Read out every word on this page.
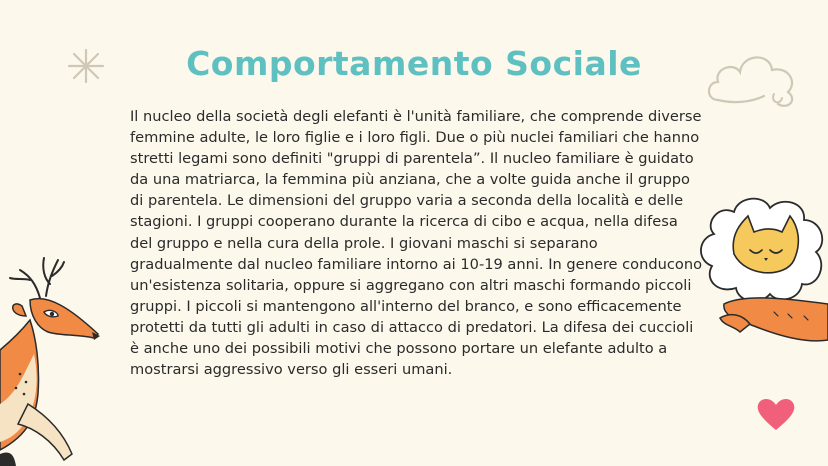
Comportamento Sociale

Il nucleo della società degli elefanti è l'unità familiare, che comprende diverse femmine adulte, le loro figlie e i loro figli. Due o più nuclei familiari che hanno stretti legami sono definiti "gruppi di parentela”. Il nucleo familiare è guidato da una matriarca, la femmina più anziana, che a volte guida anche il gruppo di parentela. Le dimensioni del gruppo varia a seconda della località e delle stagioni. I gruppi cooperano durante la ricerca di cibo e acqua, nella difesa del gruppo e nella cura della prole. I giovani maschi si separano gradualmente dal nucleo familiare intorno ai 10-19 anni. In genere conducono un'esistenza solitaria, oppure si aggregano con altri maschi formando piccoli gruppi. I piccoli si mantengono all'interno del branco, e sono efficacemente protetti da tutti gli adulti in caso di attacco di predatori. La difesa dei cuccioli è anche uno dei possibili motivi che possono portare un elefante adulto a mostrarsi aggressivo verso gli esseri umani.
